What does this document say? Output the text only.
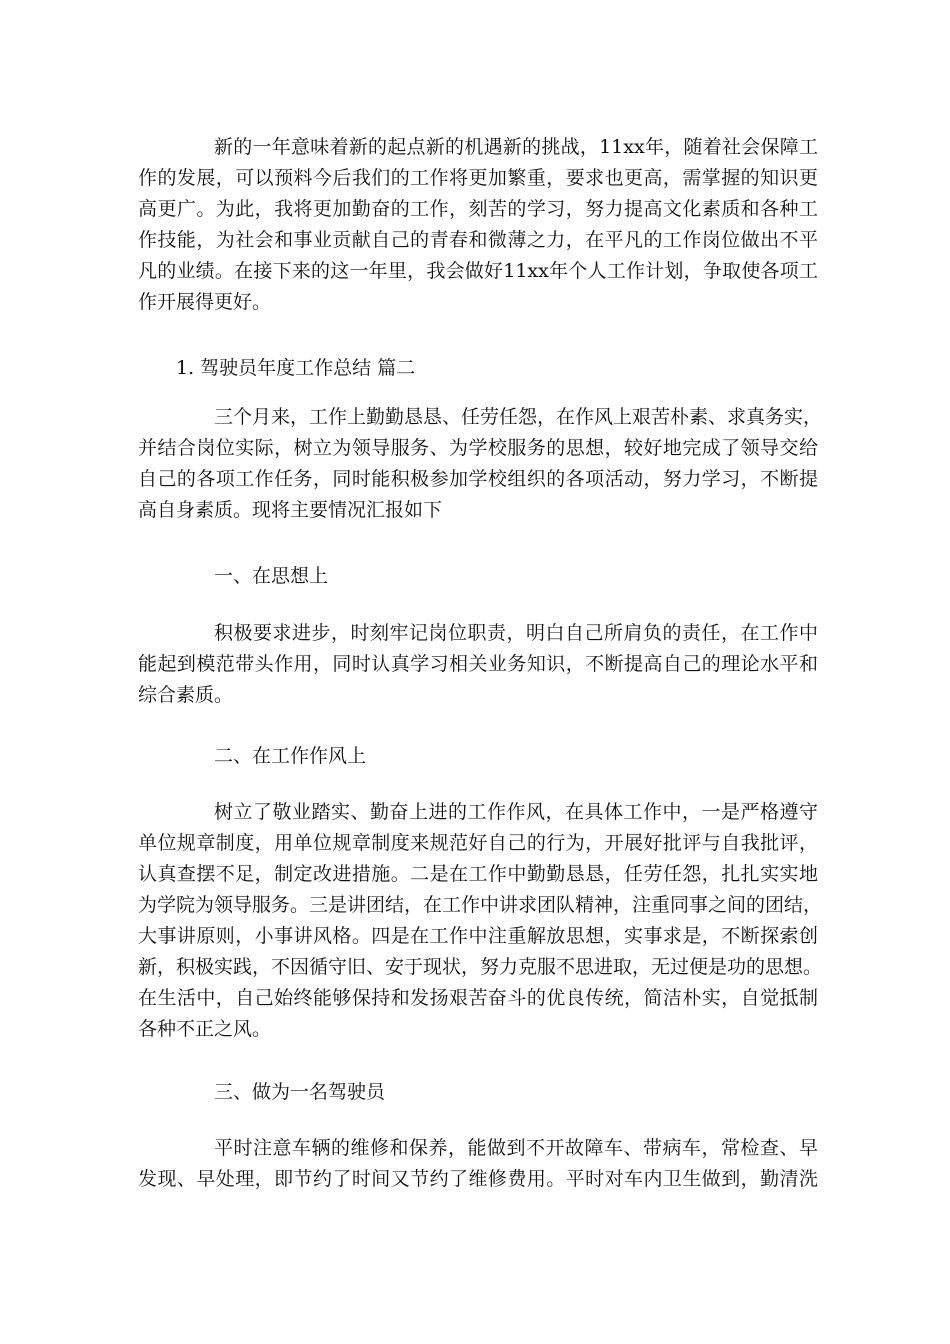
新的一年意味着新的起点新的机遇新的挑战，11xx年，随着社会保障工
作的发展，可以预料今后我们的工作将更加繁重，要求也更高，需掌握的知识更
高更广。为此，我将更加勤奋的工作，刻苦的学习，努力提高文化素质和各种工
作技能，为社会和事业贡献自己的青春和微薄之力，在平凡的工作岗位做出不平
凡的业绩。在接下来的这一年里，我会做好11xx年个人工作计划，争取使各项工
作开展得更好。
1. 驾驶员年度工作总结 篇二
三个月来，工作上勤勤恳恳、任劳任怨，在作风上艰苦朴素、求真务实，
并结合岗位实际，树立为领导服务、为学校服务的思想，较好地完成了领导交给
自己的各项工作任务，同时能积极参加学校组织的各项活动，努力学习，不断提
高自身素质。现将主要情况汇报如下
一、在思想上
积极要求进步，时刻牢记岗位职责，明白自己所肩负的责任，在工作中
能起到模范带头作用，同时认真学习相关业务知识，不断提高自己的理论水平和
综合素质。
二、在工作作风上
树立了敬业踏实、勤奋上进的工作作风，在具体工作中，一是严格遵守
单位规章制度，用单位规章制度来规范好自己的行为，开展好批评与自我批评，
认真查摆不足，制定改进措施。二是在工作中勤勤恳恳，任劳任怨，扎扎实实地
为学院为领导服务。三是讲团结，在工作中讲求团队精神，注重同事之间的团结，
大事讲原则，小事讲风格。四是在工作中注重解放思想，实事求是，不断探索创
新，积极实践，不因循守旧、安于现状，努力克服不思进取，无过便是功的思想。
在生活中，自己始终能够保持和发扬艰苦奋斗的优良传统，简洁朴实，自觉抵制
各种不正之风。
三、做为一名驾驶员
平时注意车辆的维修和保养，能做到不开故障车、带病车，常检查、早
发现、早处理，即节约了时间又节约了维修费用。平时对车内卫生做到，勤清洗
